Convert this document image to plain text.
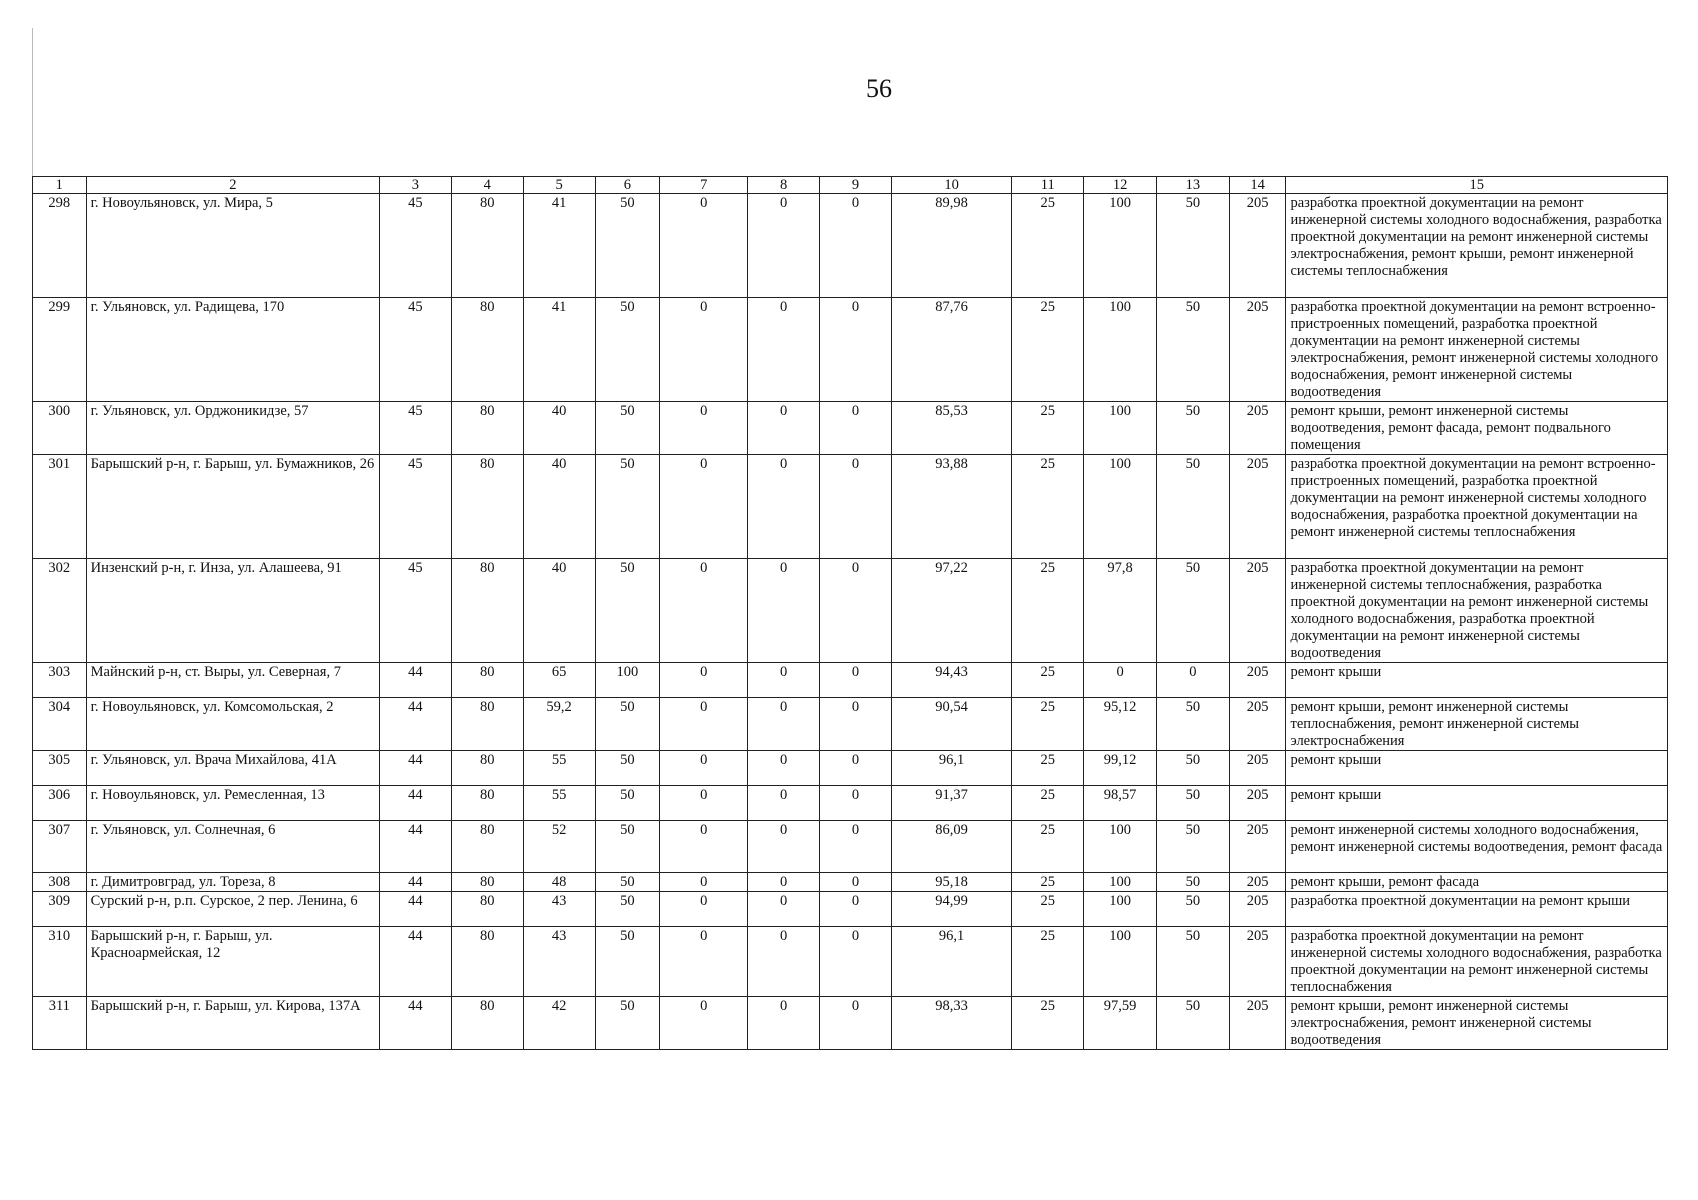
56
1	2	3	4	5	6	7	8	9	10	11	12	13	14	15
298	г. Новоульяновск, ул. Мира, 5	45	80	41	50	0	0	0	89,98	25	100	50	205	разработка проектной документации на ремонт инженерной системы холодного водоснабжения, разработка проектной документации на ремонт инженерной системы электроснабжения, ремонт крыши, ремонт инженерной системы теплоснабжения
299	г. Ульяновск, ул. Радищева, 170	45	80	41	50	0	0	0	87,76	25	100	50	205	разработка проектной документации на ремонт встроенно-пристроенных помещений, разработка проектной документации на ремонт инженерной системы электроснабжения, ремонт инженерной системы холодного водоснабжения, ремонт инженерной системы водоотведения
300	г. Ульяновск, ул. Орджоникидзе, 57	45	80	40	50	0	0	0	85,53	25	100	50	205	ремонт крыши, ремонт инженерной системы водоотведения, ремонт фасада, ремонт подвального помещения
301	Барышский р-н, г. Барыш, ул. Бумажников, 26	45	80	40	50	0	0	0	93,88	25	100	50	205	разработка проектной документации на ремонт встроенно-пристроенных помещений, разработка проектной документации на ремонт инженерной системы холодного водоснабжения, разработка проектной документации на ремонт инженерной системы теплоснабжения
302	Инзенский р-н, г. Инза, ул. Алашеева, 91	45	80	40	50	0	0	0	97,22	25	97,8	50	205	разработка проектной документации на ремонт инженерной системы теплоснабжения, разработка проектной документации на ремонт инженерной системы холодного водоснабжения, разработка проектной документации на ремонт инженерной системы водоотведения
303	Майнский р-н, ст. Выры, ул. Северная, 7	44	80	65	100	0	0	0	94,43	25	0	0	205	ремонт крыши
304	г. Новоульяновск, ул. Комсомольская, 2	44	80	59,2	50	0	0	0	90,54	25	95,12	50	205	ремонт крыши, ремонт инженерной системы теплоснабжения, ремонт инженерной системы электроснабжения
305	г. Ульяновск, ул. Врача Михайлова, 41А	44	80	55	50	0	0	0	96,1	25	99,12	50	205	ремонт крыши
306	г. Новоульяновск, ул. Ремесленная, 13	44	80	55	50	0	0	0	91,37	25	98,57	50	205	ремонт крыши
307	г. Ульяновск, ул. Солнечная, 6	44	80	52	50	0	0	0	86,09	25	100	50	205	ремонт инженерной системы холодного водоснабжения, ремонт инженерной системы водоотведения, ремонт фасада
308	г. Димитровград, ул. Тореза, 8	44	80	48	50	0	0	0	95,18	25	100	50	205	ремонт крыши, ремонт фасада
309	Сурский р-н, р.п. Сурское, 2 пер. Ленина, 6	44	80	43	50	0	0	0	94,99	25	100	50	205	разработка проектной документации на ремонт крыши
310	Барышский р-н, г. Барыш, ул. Красноармейская, 12	44	80	43	50	0	0	0	96,1	25	100	50	205	разработка проектной документации на ремонт инженерной системы холодного водоснабжения, разработка проектной документации на ремонт инженерной системы теплоснабжения
311	Барышский р-н, г. Барыш, ул. Кирова, 137А	44	80	42	50	0	0	0	98,33	25	97,59	50	205	ремонт крыши, ремонт инженерной системы электроснабжения, ремонт инженерной системы водоотведения
